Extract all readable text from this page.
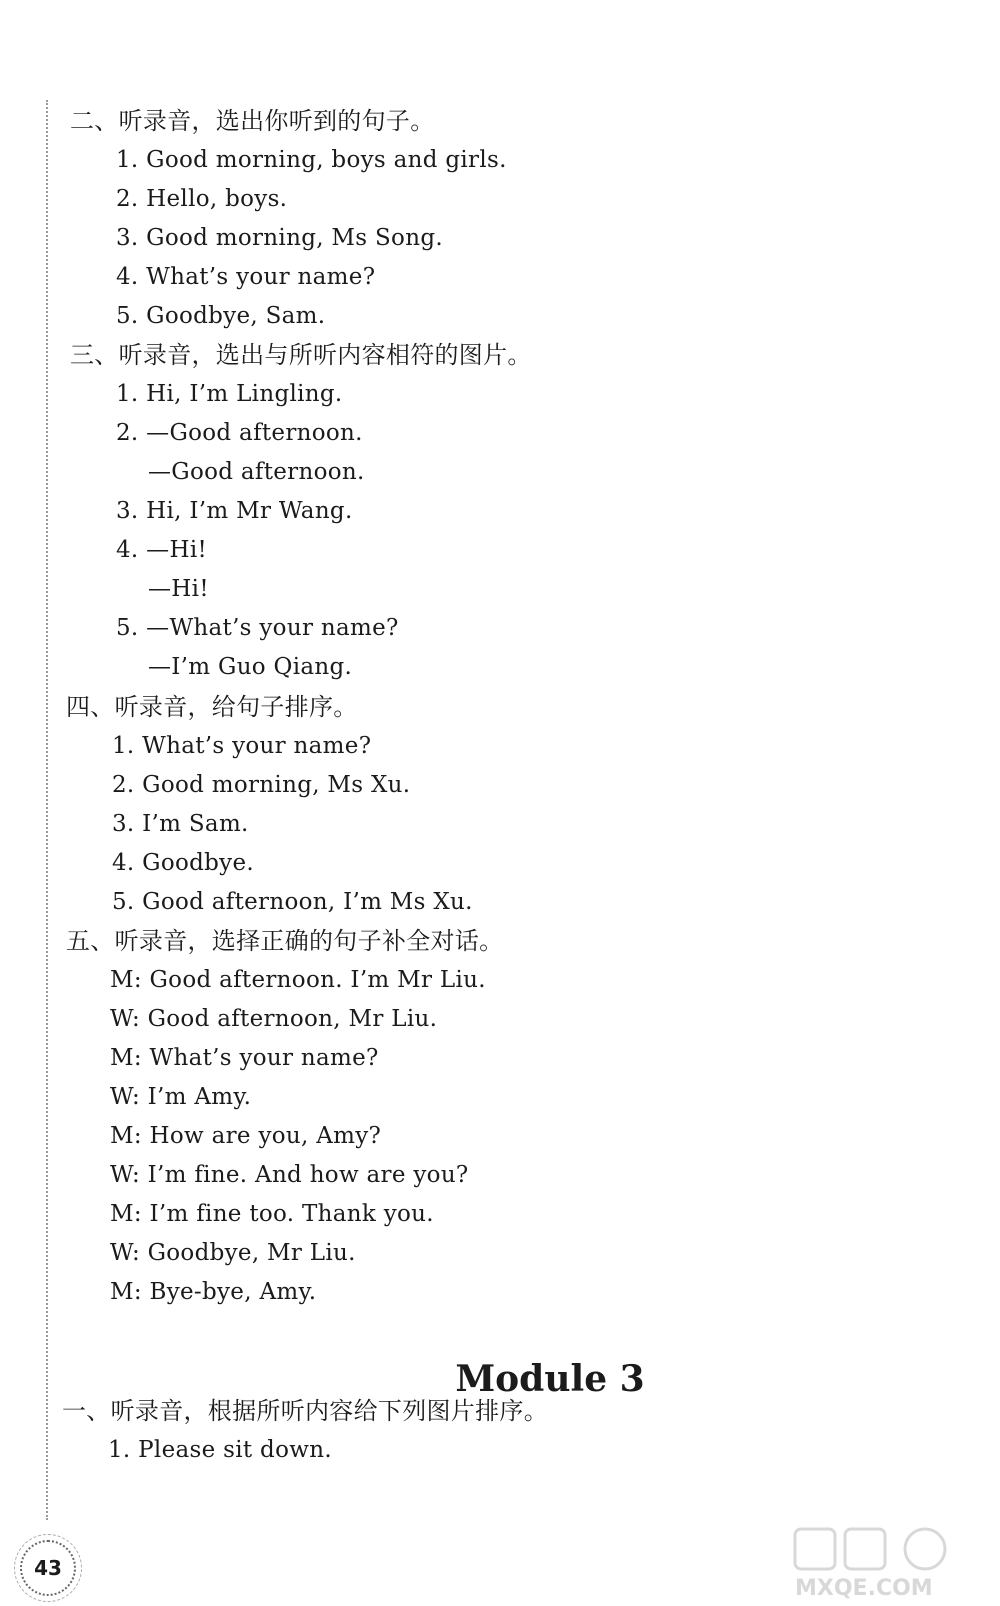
二、听录音，选出你听到的句子。
1. Good morning, boys and girls.
2. Hello, boys.
3. Good morning, Ms Song.
4. What’s your name?
5. Goodbye, Sam.
三、听录音，选出与所听内容相符的图片。
1. Hi, I’m Lingling.
2. —Good afternoon.
—Good afternoon.
3. Hi, I’m Mr Wang.
4. —Hi!
—Hi!
5. —What’s your name?
—I’m Guo Qiang.
四、听录音，给句子排序。
1. What’s your name?
2. Good morning, Ms Xu.
3. I’m Sam.
4. Goodbye.
5. Good afternoon, I’m Ms Xu.
五、听录音，选择正确的句子补全对话。
M: Good afternoon. I’m Mr Liu.
W: Good afternoon, Mr Liu.
M: What’s your name?
W: I’m Amy.
M: How are you, Amy?
W: I’m fine. And how are you?
M: I’m fine too. Thank you.
W: Goodbye, Mr Liu.
M: Bye-bye, Amy.
Module 3
一、听录音，根据所听内容给下列图片排序。
1. Please sit down.
43
MXQE.COM
